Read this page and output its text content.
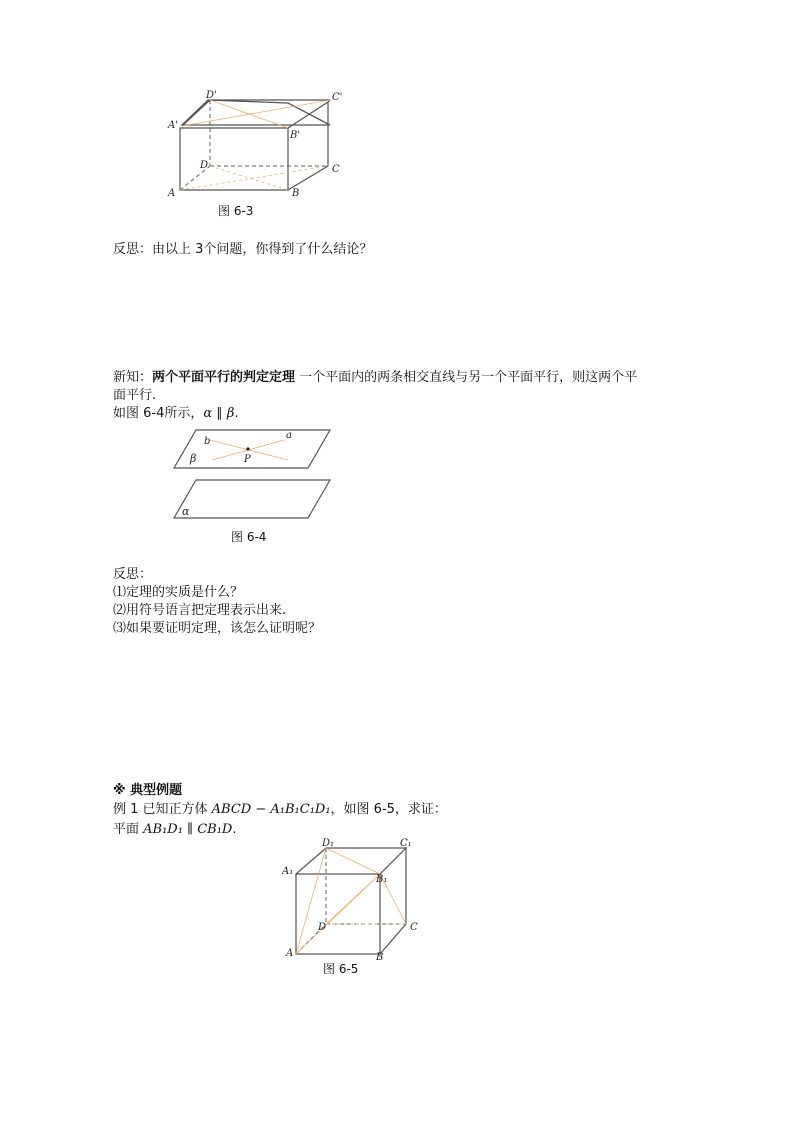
D'	C'
A'
B'
D	C
A	B
图 6-3
反思：由以上 3个问题，你得到了什么结论？
新知：两个平面平行的判定定理 一个平面内的两条相交直线与另一个平面平行，则这两个平
面平行.
如图 6-4所示，α ∥ β.
b
a
β	P
α
图 6-4
反思：
⑴定理的实质是什么？
⑵用符号语言把定理表示出来.
⑶如果要证明定理，该怎么证明呢？
※ 典型例题
例 1 已知正方体 ABCD − A₁B₁C₁D₁，如图 6-5，求证：
平面 AB₁D₁ ∥ CB₁D.
D₁	C₁
A₁
B₁
D	C
A	B
图 6-5
